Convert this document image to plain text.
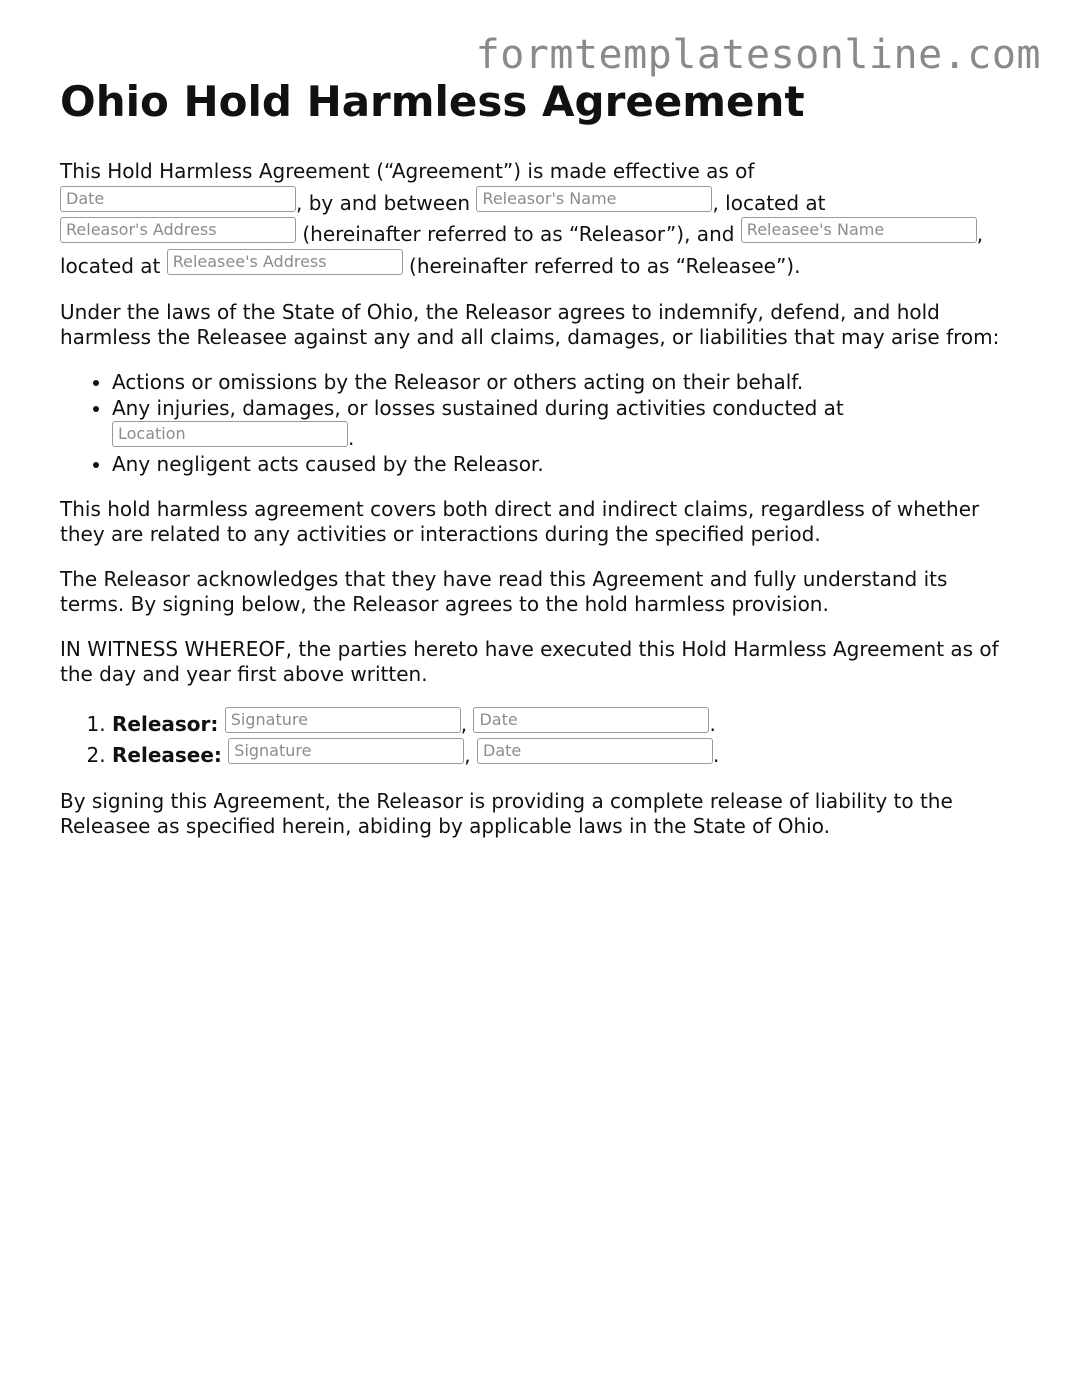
formtemplatesonline.com
Ohio Hold Harmless Agreement

This Hold Harmless Agreement (“Agreement”) is made effective as of
Date	, by and between Releasor's Name	, located at
Releasor's Address	(hereinafter referred to as “Releasor”), and Releasee's Name	, located at Releasee's Address	(hereinafter referred to as “Releasee”).

Under the laws of the State of Ohio, the Releasor agrees to indemnify, defend, and hold harmless the Releasee against any and all claims, damages, or liabilities that may arise from:

• Actions or omissions by the Releasor or others acting on their behalf.
• Any injuries, damages, or losses sustained during activities conducted at
Location	.
• Any negligent acts caused by the Releasor.

This hold harmless agreement covers both direct and indirect claims, regardless of whether they are related to any activities or interactions during the specified period.

The Releasor acknowledges that they have read this Agreement and fully understand its terms. By signing below, the Releasor agrees to the hold harmless provision.

IN WITNESS WHEREOF, the parties hereto have executed this Hold Harmless Agreement as of the day and year first above written.

1. Releasor: Signature	, Date	.
2. Releasee: Signature	, Date	.

By signing this Agreement, the Releasor is providing a complete release of liability to the Releasee as specified herein, abiding by applicable laws in the State of Ohio.
